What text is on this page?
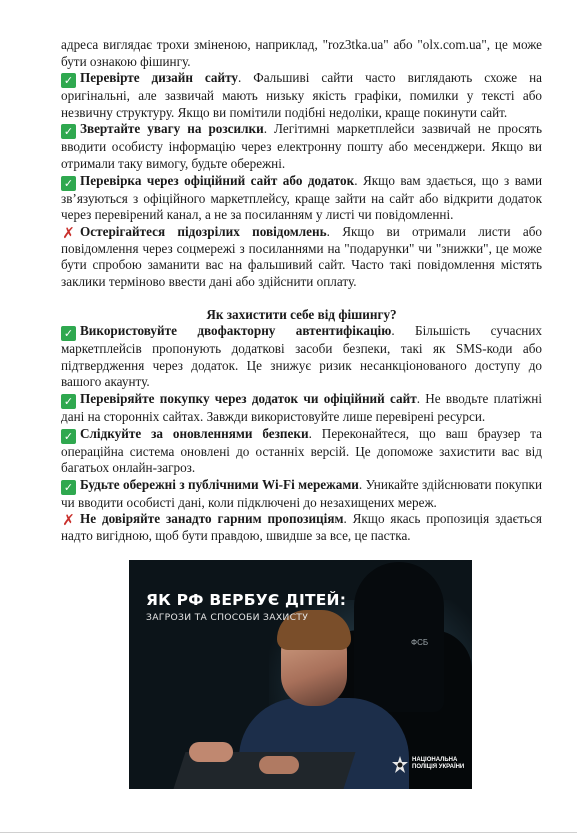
адреса виглядає трохи зміненою, наприклад, "roz3tka.ua" або "olx.com.ua", це може бути ознакою фішингу.

✓ Перевірте дизайн сайту. Фальшиві сайти часто виглядають схоже на оригінальні, але зазвичай мають низьку якість графіки, помилки у тексті або незвичну структуру. Якщо ви помітили подібні недоліки, краще покинути сайт.

✓ Звертайте увагу на розсилки. Легітимні маркетплейси зазвичай не просять вводити особисту інформацію через електронну пошту або месенджери. Якщо ви отримали таку вимогу, будьте обережні.

✓ Перевірка через офіційний сайт або додаток. Якщо вам здається, що з вами зв’язуються з офіційного маркетплейсу, краще зайти на сайт або відкрити додаток через перевірений канал, а не за посиланням у листі чи повідомленні.

✗ Остерігайтеся підозрілих повідомлень. Якщо ви отримали листи або повідомлення через соцмережі з посиланнями на "подарунки" чи "знижки", це може бути спробою заманити вас на фальшивий сайт. Часто такі повідомлення містять заклики терміново ввести дані або здійснити оплату.

Як захистити себе від фішингу?

✓ Використовуйте двофакторну автентифікацію. Більшість сучасних маркетплейсів пропонують додаткові засоби безпеки, такі як SMS-коди або підтвердження через додаток. Це знижує ризик несанкціонованого доступу до вашого акаунту.

✓ Перевіряйте покупку через додаток чи офіційний сайт. Не вводьте платіжні дані на сторонніх сайтах. Завжди використовуйте лише перевірені ресурси.

✓ Слідкуйте за оновленнями безпеки. Переконайтеся, що ваш браузер та операційна система оновлені до останніх версій. Це допоможе захистити вас від багатьох онлайн-загроз.

✓ Будьте обережні з публічними Wi-Fi мережами. Уникайте здійснювати покупки чи вводити особисті дані, коли підключені до незахищених мереж.

✗ Не довіряйте занадто гарним пропозиціям. Якщо якась пропозиція здається надто вигідною, щоб бути правдою, швидше за все, це пастка.

ФСБ
ЯК РФ ВЕРБУЄ ДІТЕЙ:
ЗАГРОЗИ ТА СПОСОБИ ЗАХИСТУ
НАЦІОНАЛЬНА
ПОЛІЦІЯ УКРАЇНИ
